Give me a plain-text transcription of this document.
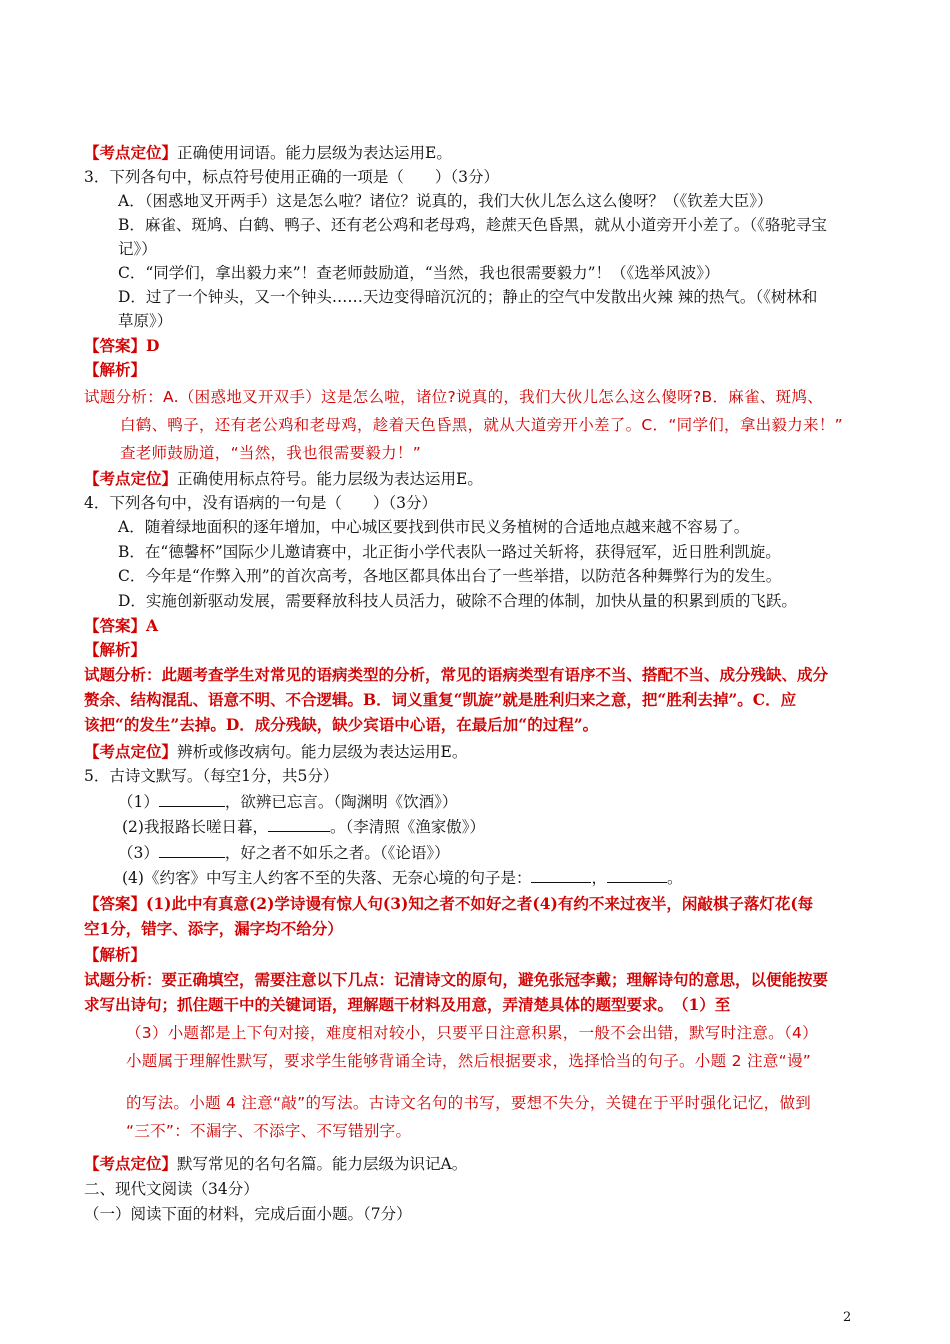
【考点定位】正确使用词语。能力层级为表达运用E。
3．下列各句中，标点符号使用正确的一项是（　　）（3分）
A．（困惑地叉开两手）这是怎么啦？诸位？说真的，我们大伙儿怎么这么傻呀？（《钦差大臣》）
B．麻雀、斑鸠、白鹤、鸭子、还有老公鸡和老母鸡，趁蔗天色昏黑，就从小道旁开小差了。（《骆驼寻宝
记》）
C．“同学们，拿出毅力来”！查老师鼓励道，“当然，我也很需要毅力”！（《选举风波》）
D．过了一个钟头，又一个钟头……天边变得暗沉沉的；静止的空气中发散出火辣 辣的热气。（《树林和
草原》）
【答案】D
【解析】
试题分析：A.（困惑地叉开双手）这是怎么啦，诸位?说真的，我们大伙儿怎么这么傻呀?B．麻雀、斑鸠、
白鹤、鸭子，还有老公鸡和老母鸡，趁着天色昏黑，就从大道旁开小差了。C．“同学们，拿出毅力来！”
查老师鼓励道，“当然，我也很需要毅力！”
【考点定位】正确使用标点符号。能力层级为表达运用E。
4．下列各句中，没有语病的一句是（　　）（3分）
A．随着绿地面积的逐年增加，中心城区要找到供市民义务植树的合适地点越来越不容易了。
B．在“德馨杯”国际少儿邀请赛中，北正街小学代表队一路过关斩将，获得冠军，近日胜利凯旋。
C．今年是“作弊入刑”的首次高考，各地区都具体出台了一些举措，以防范各种舞弊行为的发生。
D．实施创新驱动发展，需要释放科技人员活力，破除不合理的体制，加快从量的积累到质的飞跃。
【答案】A
【解析】
试题分析：此题考查学生对常见的语病类型的分析，常见的语病类型有语序不当、搭配不当、成分残缺、成分
赘余、结构混乱、语意不明、不合逻辑。B．词义重复“凯旋”就是胜利归来之意，把“胜利去掉”。C．应
该把“的发生”去掉。D．成分残缺，缺少宾语中心语，在最后加“的过程”。
【考点定位】辨析或修改病句。能力层级为表达运用E。
5．古诗文默写。（每空1分，共5分）
（1）	，欲辨已忘言。（陶渊明《饮酒》）
(2)我报路长嗟日暮，	。（李清照《渔家傲》）
（3）	，好之者不如乐之者。（《论语》）
(4)《约客》中写主人约客不至的失落、无奈心境的句子是：	，	。
【答案】(1)此中有真意(2)学诗谩有惊人句(3)知之者不如好之者(4)有约不来过夜半，闲敲棋子落灯花(每
空1分，错字、添字，漏字均不给分）
【解析】
试题分析：要正确填空，需要注意以下几点：记清诗文的原句，避免张冠李戴；理解诗句的意思，以便能按要
求写出诗句；抓住题干中的关键词语，理解题干材料及用意，弄清楚具体的题型要求。　（1）至
（3）小题都是上下句对接，难度相对较小，只要平日注意积累，一般不会出错，默写时注意。（4）
小题属于理解性默写，要求学生能够背诵全诗，然后根据要求，选择恰当的句子。小题 2 注意“谩”
的写法。小题 4 注意“敲”的写法。古诗文名句的书写，要想不失分，关键在于平时强化记忆，做到
“三不”：不漏字、不添字、不写错别字。
【考点定位】默写常见的名句名篇。能力层级为识记A。
二、现代文阅读（34分）
（一）阅读下面的材料，完成后面小题。（7分）
2
